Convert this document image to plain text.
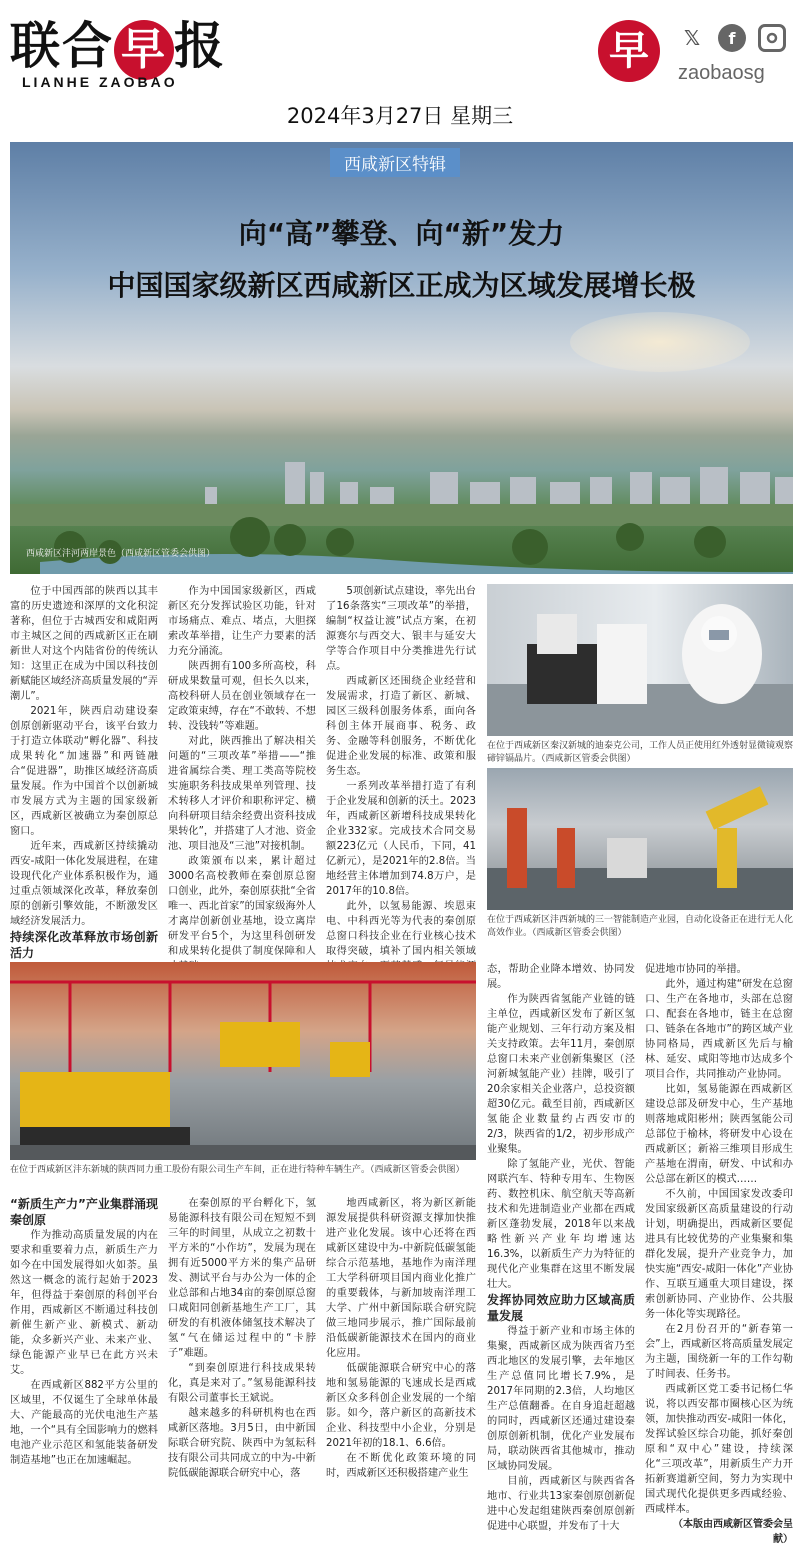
联合 早 报
LIANHE ZAOBAO
早	𝕏	f
zaobaosg
2024年3月27日 星期三
西咸新区特辑
向“高”攀登、向“新”发力
中国国家级新区西咸新区正成为区域发展增长极
西咸新区沣河两岸景色（西咸新区管委会供图）

位于中国西部的陕西以其丰富的历史遗迹和深厚的文化积淀著称，但位于古城西安和咸阳两市主城区之间的西咸新区正在刷新世人对这个内陆省份的传统认知：这里正在成为中国以科技创新赋能区域经济高质量发展的“弄潮儿”。

2021年，陕西启动建设秦创原创新驱动平台，该平台致力于打造立体联动“孵化器”、科技成果转化“加速器”和两链融合“促进器”，助推区域经济高质量发展。作为中国首个以创新城市发展方式为主题的国家级新区，西咸新区被确立为秦创原总窗口。

近年来，西咸新区持续撬动西安-咸阳一体化发展进程，在建设现代化产业体系积极作为，通过重点领域深化改革，释放秦创原的创新引擎效能，不断激发区域经济发展活力。

持续深化改革释放市场创新活力

作为中国国家级新区，西咸新区充分发挥试验区功能，针对市场痛点、难点、堵点，大胆探索改革举措，让生产力要素的活力充分涌流。

陕西拥有100多所高校，科研成果数量可观，但长久以来，高校科研人员在创业领域存在一定政策束缚，存在“不敢转、不想转、没钱转”等难题。

对此，陕西推出了解决相关问题的“三项改革”举措——“推进省属综合类、理工类高等院校实施职务科技成果单列管理、技术转移人才评价和职称评定、横向科研项目结余经费出资科技成果转化”，并搭建了人才池、资金池、项目池及“三池”对接机制。

政策颁布以来，累计超过3000名高校教师在秦创原总窗口创业，此外，秦创原获批“全省唯一、西北首家”的国家级海外人才离岸创新创业基地，设立离岸研发平台5个，为这里科创研发和成果转化提供了制度保障和人

5项创新试点建设，率先出台了16条落实“三项改革”的举措，编制“权益让渡”试点方案，在初源赛尔与西交大、银丰与延安大学等合作项目中分类推进先行试点。

西咸新区还围绕企业经营和发展需求，打造了新区、新城、园区三级科创服务体系，面向各科创主体开展商事、税务、政务、金融等科创服务，不断优化促进企业发展的标准、政策和服务生态。

一系列改革举措打造了有利于企业发展和创新的沃土。2023年，西咸新区新增科技成果转化企业332家。完成技术合同交易额223亿元（人民币，下同，41亿新元），是2021年的2.8倍。当地经营主体增加到74.8万户，是2017年的10.8倍。

此外，以氢易能源、埃恩束电、中科西光等为代表的秦创原总窗口科技企业在行业核心技术取得突破，填补了国内相关领域

在位于西咸新区秦汉新城的迪泰克公司，工作人员正使用红外透射显微镜观察碲锌镉晶片。（西咸新区管委会供图）
在位于西咸新区沣西新城的三一智能制造产业园，自动化设备正在进行无人化高效作业。（西咸新区管委会供图）
在位于西咸新区沣东新城的陕西同力重工股份有限公司生产车间，正在进行特种车辆生产。（西咸新区管委会供图）

“新质生产力”产业集群涌现秦创原

作为推动高质量发展的内在要求和重要着力点，新质生产力如今在中国发展得如火如荼。虽然这一概念的流行起始于2023年，但得益于秦创原的科创平台作用，西咸新区不断通过科技创新催生新产业、新模式、新动能，众多新兴产业、未来产业、绿色能源产业早已在此方兴未艾。

在西咸新区882平方公里的区域里，不仅诞生了全球单体最大、产能最高的光伏电池生产基地，一个“具有全国影响力的燃料电池产业示范区和氢能装备研发制造基地”也正在加速崛起。

在秦创原的平台孵化下，氢易能源科技有限公司在短短不到三年的时间里，从成立之初数十平方米的“小作坊”，发展为现在拥有近5000平方米的集产品研发、测试平台与办公为一体的企业总部和占地34亩的秦创原总窗口咸阳同创新基地生产工厂，其研发的有机液体储氢技术解决了氢“气在储运过程中的“卡脖子”难题。

“到秦创原进行科技成果转化，真是来对了。”氢易能源科技有限公司董事长王斌说。

越来越多的科研机构也在西咸新区落地。3月5日，由中新国际联合研究院、陕西中为氢耘科技有限公司共同成立的中为-中新院低碳能源联合研究中心，落

地西咸新区，将为新区新能源发展提供科研资源支撑加快推进产业化发展。该中心还将在西咸新区建设中为-中新院低碳氢能综合示范基地，基地作为南洋理工大学科研项目国内商业化推广的重要载体，与新加坡南洋理工大学、广州中新国际联合研究院做三地同步展示，推广国际最前沿低碳新能源技术在国内的商业化应用。

低碳能源联合研究中心的落地和氢易能源的飞速成长是西咸新区众多科创企业发展的一个缩影。如今，落户新区的高新技术企业、科技型中小企业，分别是2021年初的18.1、6.6倍。

在不断优化政策环境的同时，西咸新区还积极搭建产业生

态，帮助企业降本增效、协同发展。

作为陕西省氢能产业链的链主单位，西咸新区发布了新区氢能产业规划、三年行动方案及相关支持政策。去年11月，秦创原总窗口未来产业创新集聚区（泾河新城氢能产业）挂牌，吸引了20余家相关企业落户，总投资额超30亿元。截至目前，西咸新区氢能企业数量约占西安市的2/3，陕西省的1/2，初步形成产业聚集。

除了氢能产业，光伏、智能网联汽车、特种专用车、生物医药、数控机床、航空航天等高新技术和先进制造业产业都在西咸新区蓬勃发展，2018年以来战略性新兴产业年均增速达16.3%，以新质生产力为特征的现代化产业集群在这里不断发展壮大。

发挥协同效应助力区域高质量发展

得益于新产业和市场主体的集聚，西咸新区成为陕西省乃至西北地区的发展引擎，去年地区生产总值同比增长7.9%，是2017年同期的2.3倍，人均地区生产总值翻番。在自身追赶超越的同时，西咸新区还通过建设秦创原创新机制，优化产业发展布局，联动陕西省其他城市，推动区域协同发展。

目前，西咸新区与陕西省各地市、行业共13家秦创原创新促进中心发起组建陕西秦创原创新促进中心联盟，并发布了十大

促进地市协同的举措。

此外，通过构建“研发在总窗口、生产在各地市，头部在总窗口、配套在各地市，链主在总窗口、链条在各地市”的跨区域产业协同格局，西咸新区先后与榆林、延安、咸阳等地市达成多个项目合作，共同推动产业协同。

比如，氢易能源在西咸新区建设总部及研发中心，生产基地则落地咸阳彬州；陕西氢能公司总部位于榆林，将研发中心设在西咸新区；新裕三维项目形成生产基地在渭南，研发、中试和办公总部在新区的模式……

不久前，中国国家发改委印发国家级新区高质量建设的行动计划，明确提出，西咸新区要促进具有比较优势的产业集聚和集群化发展，提升产业竞争力，加快实施“西安-咸阳一体化”产业协作、互联互通重大项目建设，探索创新协同、产业协作、公共服务一体化等实现路径。

在2月份召开的“新春第一会”上，西咸新区将高质量发展定为主题，围绕新一年的工作勾勒了时间表、任务书。

西咸新区党工委书记杨仁华说，将以西安都市圈核心区为统领，加快推动西安-咸阳一体化，发挥试验区综合功能，抓好秦创原和“双中心”建设，持续深化“三项改革”，用新质生产力开拓新赛道新空间，努力为实现中国式现代化提供更多西咸经验、西咸样本。

（本版由西咸新区管委会呈献）
